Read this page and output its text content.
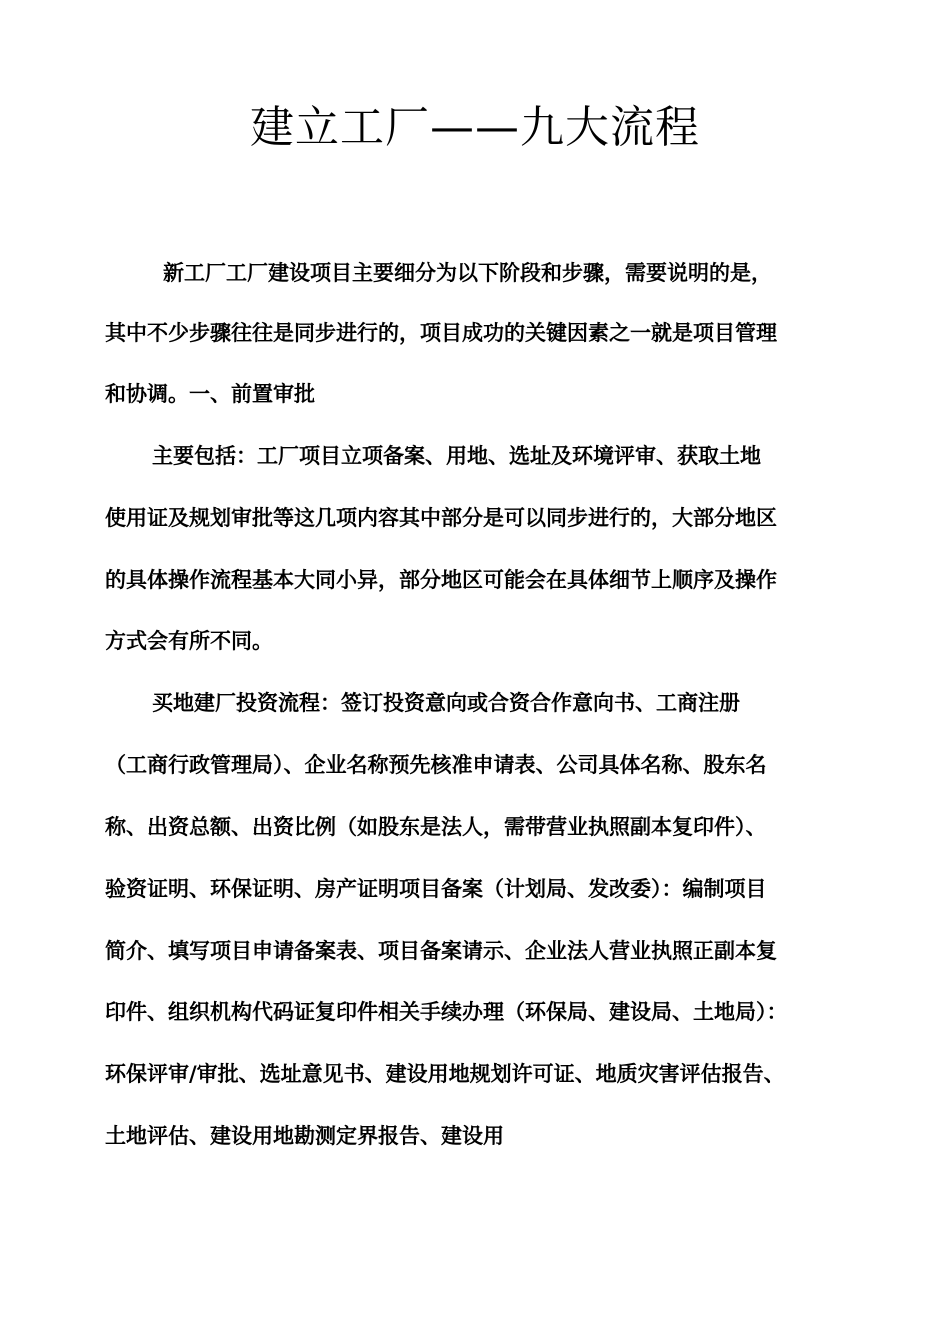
建立工厂——九大流程
新工厂工厂建设项目主要细分为以下阶段和步骤，需要说明的是，
其中不少步骤往往是同步进行的，项目成功的关键因素之一就是项目管理
和协调。一、前置审批
主要包括：工厂项目立项备案、用地、选址及环境评审、获取土地
使用证及规划审批等这几项内容其中部分是可以同步进行的，大部分地区
的具体操作流程基本大同小异，部分地区可能会在具体细节上顺序及操作
方式会有所不同。
买地建厂投资流程：签订投资意向或合资合作意向书、工商注册
（工商行政管理局）、企业名称预先核准申请表、公司具体名称、股东名
称、出资总额、出资比例（如股东是法人，需带营业执照副本复印件）、
验资证明、环保证明、房产证明项目备案（计划局、发改委）：编制项目
简介、填写项目申请备案表、项目备案请示、企业法人营业执照正副本复
印件、组织机构代码证复印件相关手续办理（环保局、建设局、土地局）：
环保评审/审批、选址意见书、建设用地规划许可证、地质灾害评估报告、
土地评估、建设用地勘测定界报告、建设用
